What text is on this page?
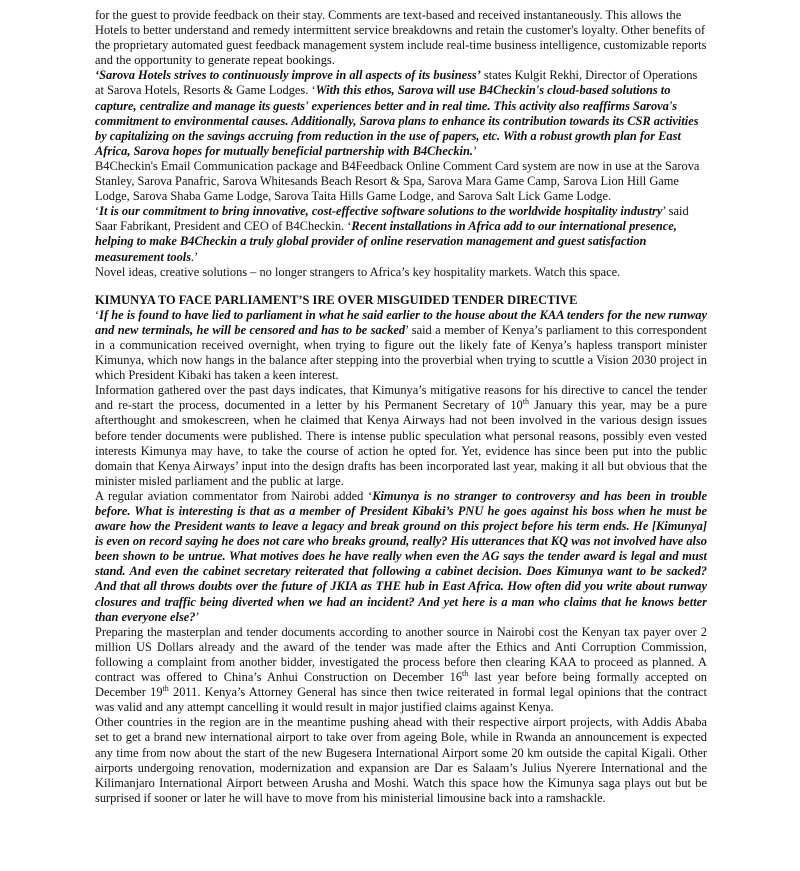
for the guest to provide feedback on their stay. Comments are text-based and received instantaneously. This allows the Hotels to better understand and remedy intermittent service breakdowns and retain the customer's loyalty. Other benefits of the proprietary automated guest feedback management system include real-time business intelligence, customizable reports and the opportunity to generate repeat bookings.

‘Sarova Hotels strives to continuously improve in all aspects of its business’ states Kulgit Rekhi, Director of Operations at Sarova Hotels, Resorts & Game Lodges. ‘With this ethos, Sarova will use B4Checkin's cloud-based solutions to capture, centralize and manage its guests' experiences better and in real time. This activity also reaffirms Sarova's commitment to environmental causes. Additionally, Sarova plans to enhance its contribution towards its CSR activities by capitalizing on the savings accruing from reduction in the use of papers, etc. With a robust growth plan for East Africa, Sarova hopes for mutually beneficial partnership with B4Checkin.’

B4Checkin's Email Communication package and B4Feedback Online Comment Card system are now in use at the Sarova Stanley, Sarova Panafric, Sarova Whitesands Beach Resort & Spa, Sarova Mara Game Camp, Sarova Lion Hill Game Lodge, Sarova Shaba Game Lodge, Sarova Taita Hills Game Lodge, and Sarova Salt Lick Game Lodge.

‘It is our commitment to bring innovative, cost-effective software solutions to the worldwide hospitality industry’ said Saar Fabrikant, President and CEO of B4Checkin. ‘Recent installations in Africa add to our international presence, helping to make B4Checkin a truly global provider of online reservation management and guest satisfaction measurement tools.’

Novel ideas, creative solutions – no longer strangers to Africa’s key hospitality markets. Watch this space.

KIMUNYA TO FACE PARLIAMENT’S IRE OVER MISGUIDED TENDER DIRECTIVE

‘If he is found to have lied to parliament in what he said earlier to the house about the KAA tenders for the new runway and new terminals, he will be censored and has to be sacked’ said a member of Kenya’s parliament to this correspondent in a communication received overnight, when trying to figure out the likely fate of Kenya’s hapless transport minister Kimunya, which now hangs in the balance after stepping into the proverbial when trying to scuttle a Vision 2030 project in which President Kibaki has taken a keen interest.

Information gathered over the past days indicates, that Kimunya’s mitigative reasons for his directive to cancel the tender and re-start the process, documented in a letter by his Permanent Secretary of 10th January this year, may be a pure afterthought and smokescreen, when he claimed that Kenya Airways had not been involved in the various design issues before tender documents were published. There is intense public speculation what personal reasons, possibly even vested interests Kimunya may have, to take the course of action he opted for. Yet, evidence has since been put into the public domain that Kenya Airways’ input into the design drafts has been incorporated last year, making it all but obvious that the minister misled parliament and the public at large.

A regular aviation commentator from Nairobi added ‘Kimunya is no stranger to controversy and has been in trouble before. What is interesting is that as a member of President Kibaki’s PNU he goes against his boss when he must be aware how the President wants to leave a legacy and break ground on this project before his term ends. He [Kimunya] is even on record saying he does not care who breaks ground, really? His utterances that KQ was not involved have also been shown to be untrue. What motives does he have really when even the AG says the tender award is legal and must stand. And even the cabinet secretary reiterated that following a cabinet decision. Does Kimunya want to be sacked? And that all throws doubts over the future of JKIA as THE hub in East Africa. How often did you write about runway closures and traffic being diverted when we had an incident? And yet here is a man who claims that he knows better than everyone else?’

Preparing the masterplan and tender documents according to another source in Nairobi cost the Kenyan tax payer over 2 million US Dollars already and the award of the tender was made after the Ethics and Anti Corruption Commission, following a complaint from another bidder, investigated the process before then clearing KAA to proceed as planned. A contract was offered to China’s Anhui Construction on December 16th last year before being formally accepted on December 19th 2011. Kenya’s Attorney General has since then twice reiterated in formal legal opinions that the contract was valid and any attempt cancelling it would result in major justified claims against Kenya.

Other countries in the region are in the meantime pushing ahead with their respective airport projects, with Addis Ababa set to get a brand new international airport to take over from ageing Bole, while in Rwanda an announcement is expected any time from now about the start of the new Bugesera International Airport some 20 km outside the capital Kigali. Other airports undergoing renovation, modernization and expansion are Dar es Salaam’s Julius Nyerere International and the Kilimanjaro International Airport between Arusha and Moshi. Watch this space how the Kimunya saga plays out but be surprised if sooner or later he will have to move from his ministerial limousine back into a ramshackle.
